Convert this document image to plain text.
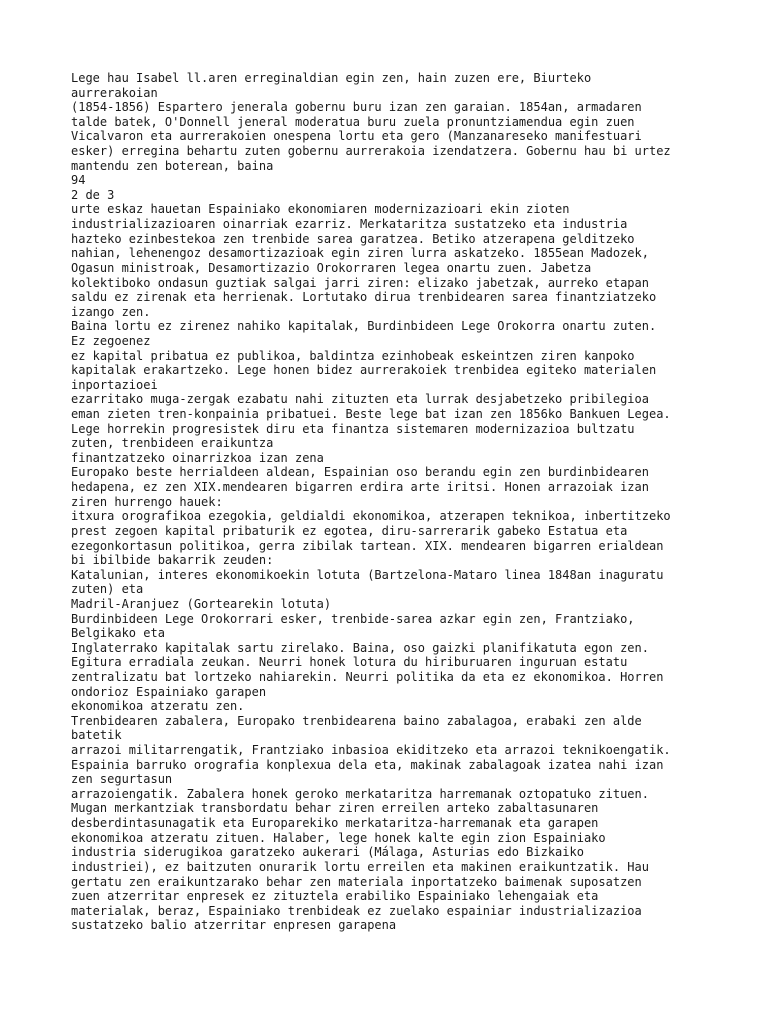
Lege hau Isabel ll.aren erreginaldian egin zen, hain zuzen ere, Biurteko
aurrerakoian
(1854-1856) Espartero jenerala gobernu buru izan zen garaian. 1854an, armadaren
talde batek, O'Donnell jeneral moderatua buru zuela pronuntziamendua egin zuen
Vicalvaron eta aurrerakoien onespena lortu eta gero (Manzanareseko manifestuari
esker) erregina behartu zuten gobernu aurrerakoia izendatzera. Gobernu hau bi urtez
mantendu zen boterean, baina
94
2 de 3
urte eskaz hauetan Espainiako ekonomiaren modernizazioari ekin zioten
industrializazioaren oinarriak ezarriz. Merkataritza sustatzeko eta industria
hazteko ezinbestekoa zen trenbide sarea garatzea. Betiko atzerapena gelditzeko
nahian, lehenengoz desamortizazioak egin ziren lurra askatzeko. 1855ean Madozek,
Ogasun ministroak, Desamortizazio Orokorraren legea onartu zuen. Jabetza
kolektiboko ondasun guztiak salgai jarri ziren: elizako jabetzak, aurreko etapan
saldu ez zirenak eta herrienak. Lortutako dirua trenbidearen sarea finantziatzeko
izango zen.
Baina lortu ez zirenez nahiko kapitalak, Burdinbideen Lege Orokorra onartu zuten.
Ez zegoenez
ez kapital pribatua ez publikoa, baldintza ezinhobeak eskeintzen ziren kanpoko
kapitalak erakartzeko. Lege honen bidez aurrerakoiek trenbidea egiteko materialen
inportazioei
ezarritako muga-zergak ezabatu nahi zituzten eta lurrak desjabetzeko pribilegioa
eman zieten tren-konpainia pribatuei. Beste lege bat izan zen 1856ko Bankuen Legea.
Lege horrekin progresistek diru eta finantza sistemaren modernizazioa bultzatu
zuten, trenbideen eraikuntza
finantzatzeko oinarrizkoa izan zena
Europako beste herrialdeen aldean, Espainian oso berandu egin zen burdinbidearen
hedapena, ez zen XIX.mendearen bigarren erdira arte iritsi. Honen arrazoiak izan
ziren hurrengo hauek:
itxura orografikoa ezegokia, geldialdi ekonomikoa, atzerapen teknikoa, inbertitzeko
prest zegoen kapital pribaturik ez egotea, diru-sarrerarik gabeko Estatua eta
ezegonkortasun politikoa, gerra zibilak tartean. XIX. mendearen bigarren erialdean
bi ibilbide bakarrik zeuden:
Katalunian, interes ekonomikoekin lotuta (Bartzelona-Mataro linea 1848an inaguratu
zuten) eta
Madril-Aranjuez (Gortearekin lotuta)
Burdinbideen Lege Orokorrari esker, trenbide-sarea azkar egin zen, Frantziako,
Belgikako eta
Inglaterrako kapitalak sartu zirelako. Baina, oso gaizki planifikatuta egon zen.
Egitura erradiala zeukan. Neurri honek lotura du hiriburuaren inguruan estatu
zentralizatu bat lortzeko nahiarekin. Neurri politika da eta ez ekonomikoa. Horren
ondorioz Espainiako garapen
ekonomikoa atzeratu zen.
Trenbidearen zabalera, Europako trenbidearena baino zabalagoa, erabaki zen alde
batetik
arrazoi militarrengatik, Frantziako inbasioa ekiditzeko eta arrazoi teknikoengatik.
Espainia barruko orografia konplexua dela eta, makinak zabalagoak izatea nahi izan
zen segurtasun
arrazoiengatik. Zabalera honek geroko merkataritza harremanak oztopatuko zituen.
Mugan merkantziak transbordatu behar ziren erreilen arteko zabaltasunaren
desberdintasunagatik eta Europarekiko merkataritza-harremanak eta garapen
ekonomikoa atzeratu zituen. Halaber, lege honek kalte egin zion Espainiako
industria siderugikoa garatzeko aukerari (Málaga, Asturias edo Bizkaiko
industriei), ez baitzuten onurarik lortu erreilen eta makinen eraikuntzatik. Hau
gertatu zen eraikuntzarako behar zen materiala inportatzeko baimenak suposatzen
zuen atzerritar enpresek ez zituztela erabiliko Espainiako lehengaiak eta
materialak, beraz, Espainiako trenbideak ez zuelako espainiar industrializazioa
sustatzeko balio atzerritar enpresen garapena
